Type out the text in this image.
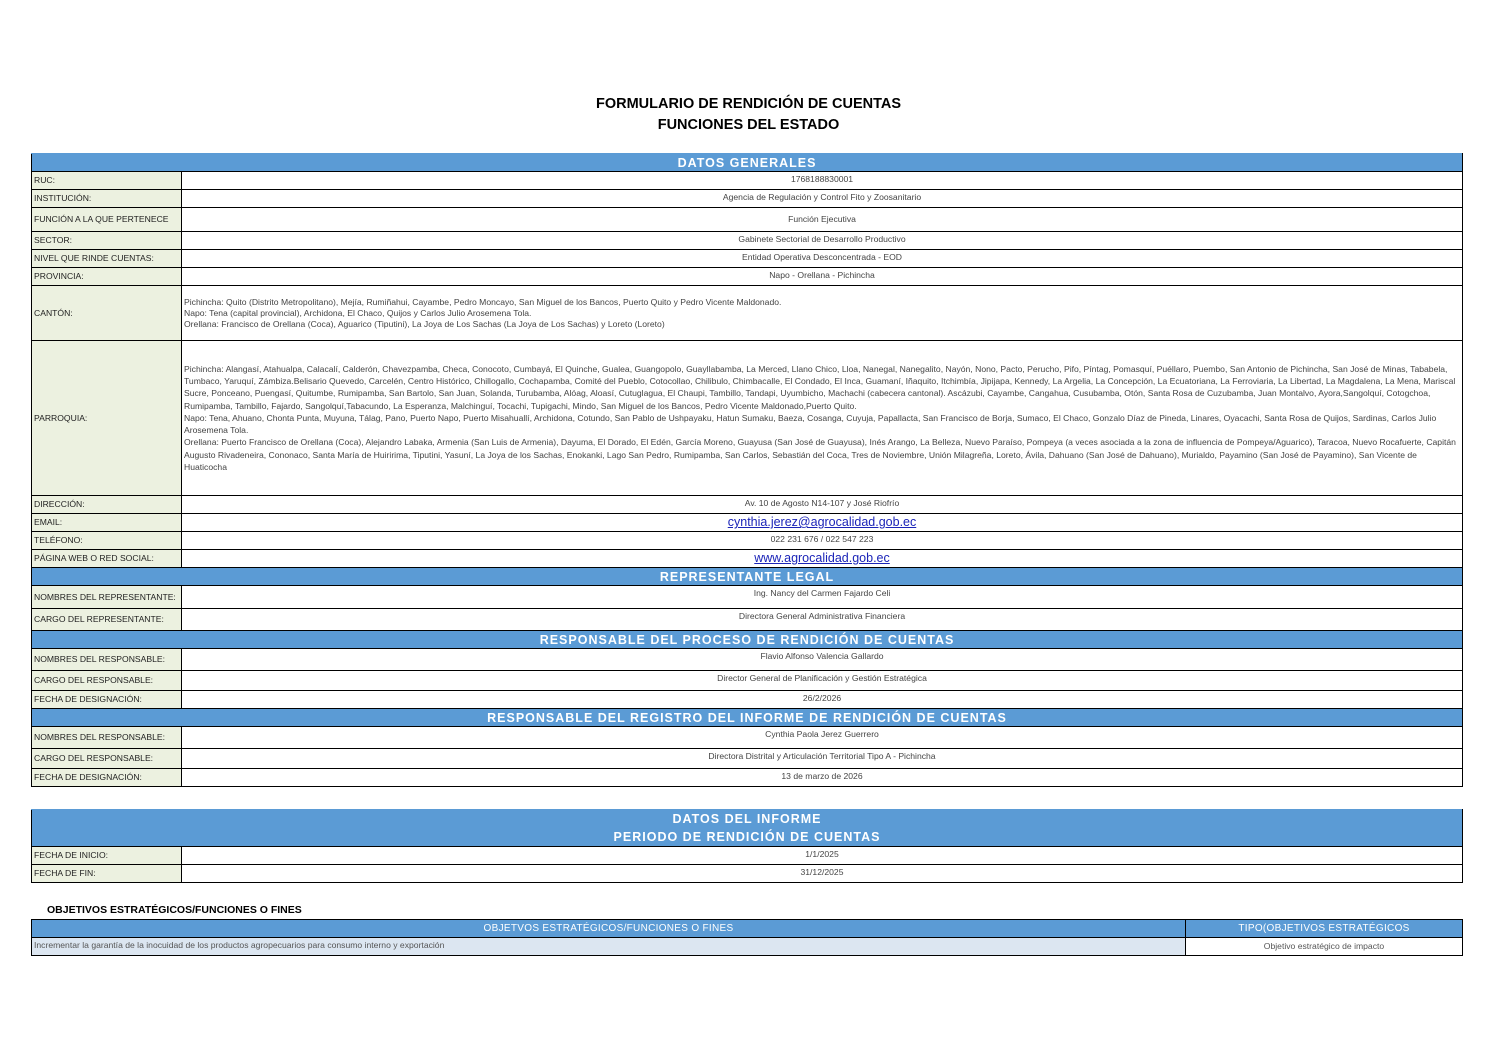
FORMULARIO DE RENDICIÓN DE CUENTAS
FUNCIONES DEL ESTADO
DATOS GENERALES	
RUC:	1768188830001
INSTITUCIÓN:	Agencia de Regulación y Control Fito y Zoosanitario
FUNCIÓN A LA QUE PERTENECE	Función Ejecutiva
SECTOR:	Gabinete Sectorial de Desarrollo Productivo
NIVEL QUE RINDE CUENTAS:	Entidad Operativa Desconcentrada - EOD
PROVINCIA:	Napo - Orellana - Pichincha
CANTÓN:	Pichincha: Quito (Distrito Metropolitano), Mejía, Rumiñahui, Cayambe, Pedro Moncayo, San Miguel de los Bancos, Puerto Quito y Pedro Vicente Maldonado.
Napo: Tena (capital provincial), Archidona, El Chaco, Quijos y Carlos Julio Arosemena Tola.
Orellana: Francisco de Orellana (Coca), Aguarico (Tiputini), La Joya de Los Sachas (La Joya de Los Sachas) y Loreto (Loreto)

PARROQUIA:	Pichincha: Alangasí, Atahualpa, Calacalí, Calderón, Chavezpamba, Checa, Conocoto, Cumbayá, El Quinche, Gualea, Guangopolo, Guayllabamba, La Merced, Llano Chico, Lloa, Nanegal, Nanegalito, Nayón, Nono, Pacto, Perucho, Pifo, Píntag, Pomasquí, Puéllaro, Puembo, San Antonio de Pichincha, San José de Minas, Tababela, Tumbaco, Yaruquí, Zámbiza.Belisario Quevedo, Carcelén, Centro Histórico, Chillogallo, Cochapamba, Comité del Pueblo, Cotocollao, Chilibulo, Chimbacalle, El Condado, El Inca, Guamaní, Iñaquito, Itchimbía, Jipijapa, Kennedy, La Argelia, La Concepción, La Ecuatoriana, La Ferroviaria, La Libertad, La Magdalena, La Mena, Mariscal Sucre, Ponceano, Puengasí, Quitumbe, Rumipamba, San Bartolo, San Juan, Solanda, Turubamba, Alóag, Aloasí, Cutuglagua, El Chaupi, Tambillo, Tandapi, Uyumbicho, Machachi (cabecera cantonal). Ascázubi, Cayambe, Cangahua, Cusubamba, Otón, Santa Rosa de Cuzubamba, Juan Montalvo, Ayora,Sangolquí, Cotogchoa, Rumipamba, Tambillo, Fajardo, Sangolquí,Tabacundo, La Esperanza, Malchinguí, Tocachi, Tupigachi, Mindo, San Miguel de los Bancos, Pedro Vicente Maldonado,Puerto Quito.
Napo: Tena, Ahuano, Chonta Punta, Muyuna, Tálag, Pano, Puerto Napo, Puerto Misahuallí, Archidona, Cotundo, San Pablo de Ushpayaku, Hatun Sumaku, Baeza, Cosanga, Cuyuja, Papallacta, San Francisco de Borja, Sumaco, El Chaco, Gonzalo Díaz de Pineda, Linares, Oyacachi, Santa Rosa de Quijos, Sardinas, Carlos Julio Arosemena Tola.
Orellana: Puerto Francisco de Orellana (Coca), Alejandro Labaka, Armenia (San Luis de Armenia), Dayuma, El Dorado, El Edén, García Moreno, Guayusa (San José de Guayusa), Inés Arango, La Belleza, Nuevo Paraíso, Pompeya (a veces asociada a la zona de influencia de Pompeya/Aguarico), Taracoa, Nuevo Rocafuerte, Capitán Augusto Rivadeneira, Cononaco, Santa María de Huiririma, Tiputini, Yasuní, La Joya de los Sachas, Enokanki, Lago San Pedro, Rumipamba, San Carlos, Sebastián del Coca, Tres de Noviembre, Unión Milagreña, Loreto, Ávila, Dahuano (San José de Dahuano), Murialdo, Payamino (San José de Payamino), San Vicente de Huaticocha

DIRECCIÓN:	Av. 10 de Agosto N14-107 y José Riofrío
EMAIL:	cynthia.jerez@agrocalidad.gob.ec
TELÉFONO:	022 231 676 / 022 547 223
PÁGINA WEB O RED SOCIAL:	www.agrocalidad.gob.ec
REPRESENTANTE LEGAL	
NOMBRES DEL REPRESENTANTE:	Ing. Nancy del Carmen Fajardo Celi
CARGO DEL REPRESENTANTE:	Directora General Administrativa Financiera
RESPONSABLE DEL PROCESO DE RENDICIÓN DE CUENTAS	
NOMBRES DEL RESPONSABLE:	Flavio Alfonso Valencia Gallardo
CARGO DEL RESPONSABLE:	Director General de Planificación y Gestión Estratégica
FECHA DE DESIGNACIÓN:	26/2/2026
RESPONSABLE DEL REGISTRO DEL INFORME DE RENDICIÓN DE CUENTAS	
NOMBRES DEL RESPONSABLE:	Cynthia Paola Jerez Guerrero
CARGO DEL RESPONSABLE:	Directora Distrital y Articulación Territorial Tipo A - Pichincha
FECHA DE DESIGNACIÓN:	13 de marzo de 2026
DATOS DEL INFORME
PERIODO DE RENDICIÓN DE CUENTAS	

FECHA DE INICIO:	1/1/2025
FECHA DE FIN:	31/12/2025
OBJETIVOS ESTRATÉGICOS/FUNCIONES O FINES
OBJETVOS ESTRATÉGICOS/FUNCIONES O FINES	TIPO(OBJETIVOS ESTRATÉGICOS
Incrementar la garantía de la inocuidad de los productos agropecuarios para consumo interno y exportación	Objetivo estratégico de impacto
